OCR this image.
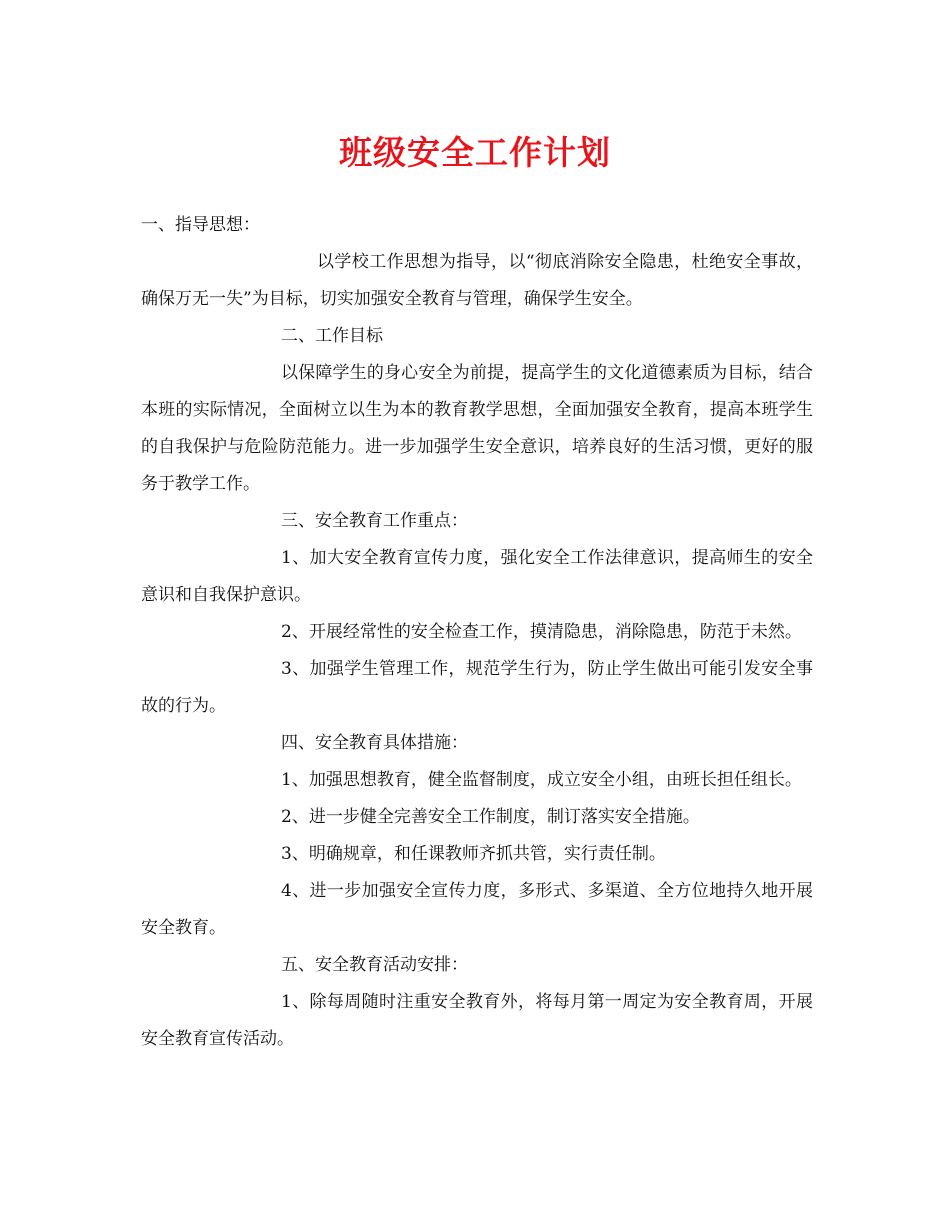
班级安全工作计划

一、指导思想：

以学校工作思想为指导，以“彻底消除安全隐患，杜绝安全事故，确保万无一失”为目标，切实加强安全教育与管理，确保学生安全。

二、工作目标

以保障学生的身心安全为前提，提高学生的文化道德素质为目标，结合本班的实际情况，全面树立以生为本的教育教学思想，全面加强安全教育，提高本班学生的自我保护与危险防范能力。进一步加强学生安全意识，培养良好的生活习惯，更好的服务于教学工作。

三、安全教育工作重点：

1、加大安全教育宣传力度，强化安全工作法律意识，提高师生的安全意识和自我保护意识。

2、开展经常性的安全检查工作，摸清隐患，消除隐患，防范于未然。

3、加强学生管理工作，规范学生行为，防止学生做出可能引发安全事故的行为。

四、安全教育具体措施：

1、加强思想教育，健全监督制度，成立安全小组，由班长担任组长。

2、进一步健全完善安全工作制度，制订落实安全措施。

3、明确规章，和任课教师齐抓共管，实行责任制。

4、进一步加强安全宣传力度，多形式、多渠道、全方位地持久地开展安全教育。

五、安全教育活动安排：

1、除每周随时注重安全教育外，将每月第一周定为安全教育周，开展安全教育宣传活动。
